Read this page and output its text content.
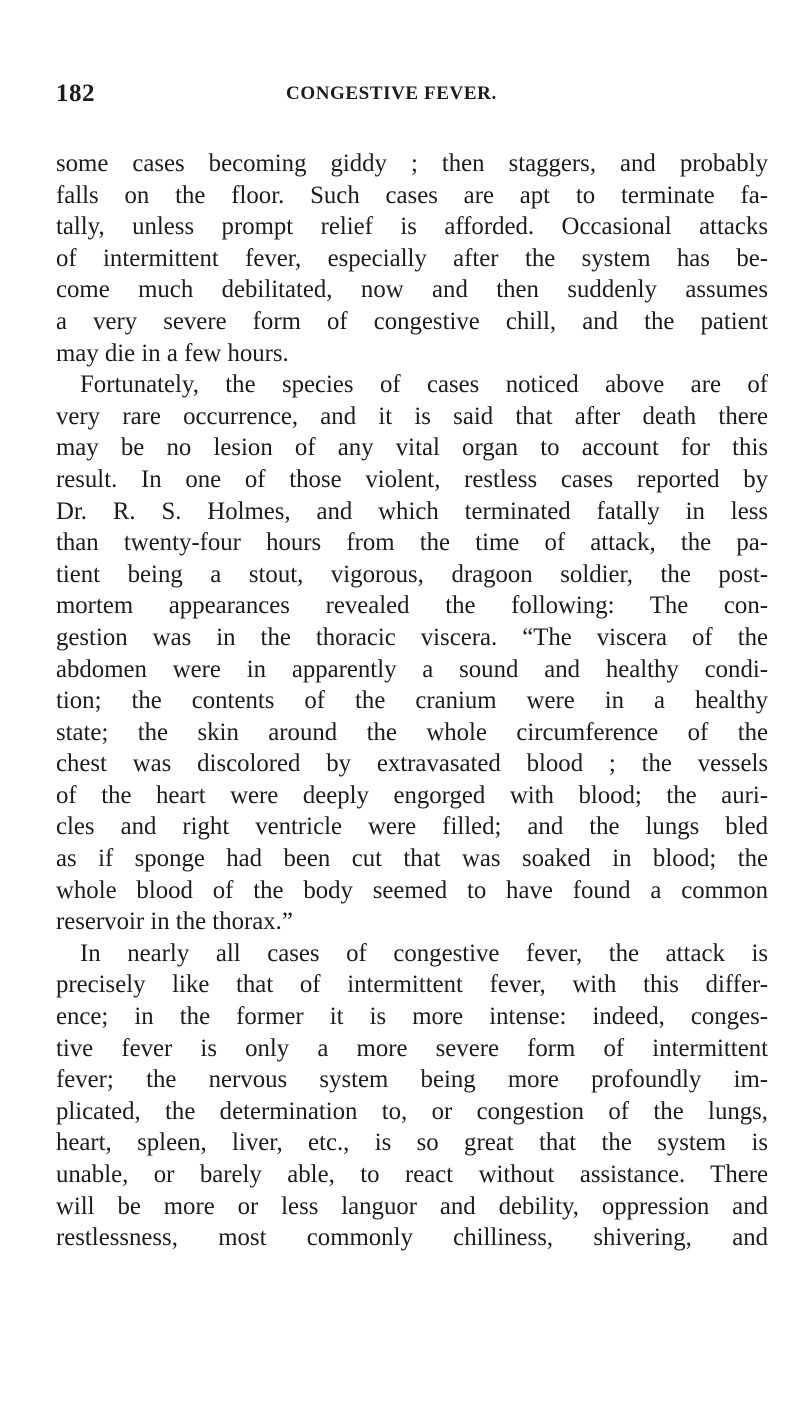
182	CONGESTIVE FEVER.
some cases becoming giddy ; then staggers, and probably
falls on the floor. Such cases are apt to terminate fa-
tally, unless prompt relief is afforded. Occasional attacks
of intermittent fever, especially after the system has be-
come much debilitated, now and then suddenly assumes
a very severe form of congestive chill, and the patient
may die in a few hours.
Fortunately, the species of cases noticed above are of
very rare occurrence, and it is said that after death there
may be no lesion of any vital organ to account for this
result. In one of those violent, restless cases reported by
Dr. R. S. Holmes, and which terminated fatally in less
than twenty-four hours from the time of attack, the pa-
tient being a stout, vigorous, dragoon soldier, the post-
mortem appearances revealed the following: The con-
gestion was in the thoracic viscera. “The viscera of the
abdomen were in apparently a sound and healthy condi-
tion; the contents of the cranium were in a healthy
state; the skin around the whole circumference of the
chest was discolored by extravasated blood ; the vessels
of the heart were deeply engorged with blood; the auri-
cles and right ventricle were filled; and the lungs bled
as if sponge had been cut that was soaked in blood; the
whole blood of the body seemed to have found a common
reservoir in the thorax.”
In nearly all cases of congestive fever, the attack is
precisely like that of intermittent fever, with this differ-
ence; in the former it is more intense: indeed, conges-
tive fever is only a more severe form of intermittent
fever; the nervous system being more profoundly im-
plicated, the determination to, or congestion of the lungs,
heart, spleen, liver, etc., is so great that the system is
unable, or barely able, to react without assistance. There
will be more or less languor and debility, oppression and
restlessness, most commonly chilliness, shivering, and
